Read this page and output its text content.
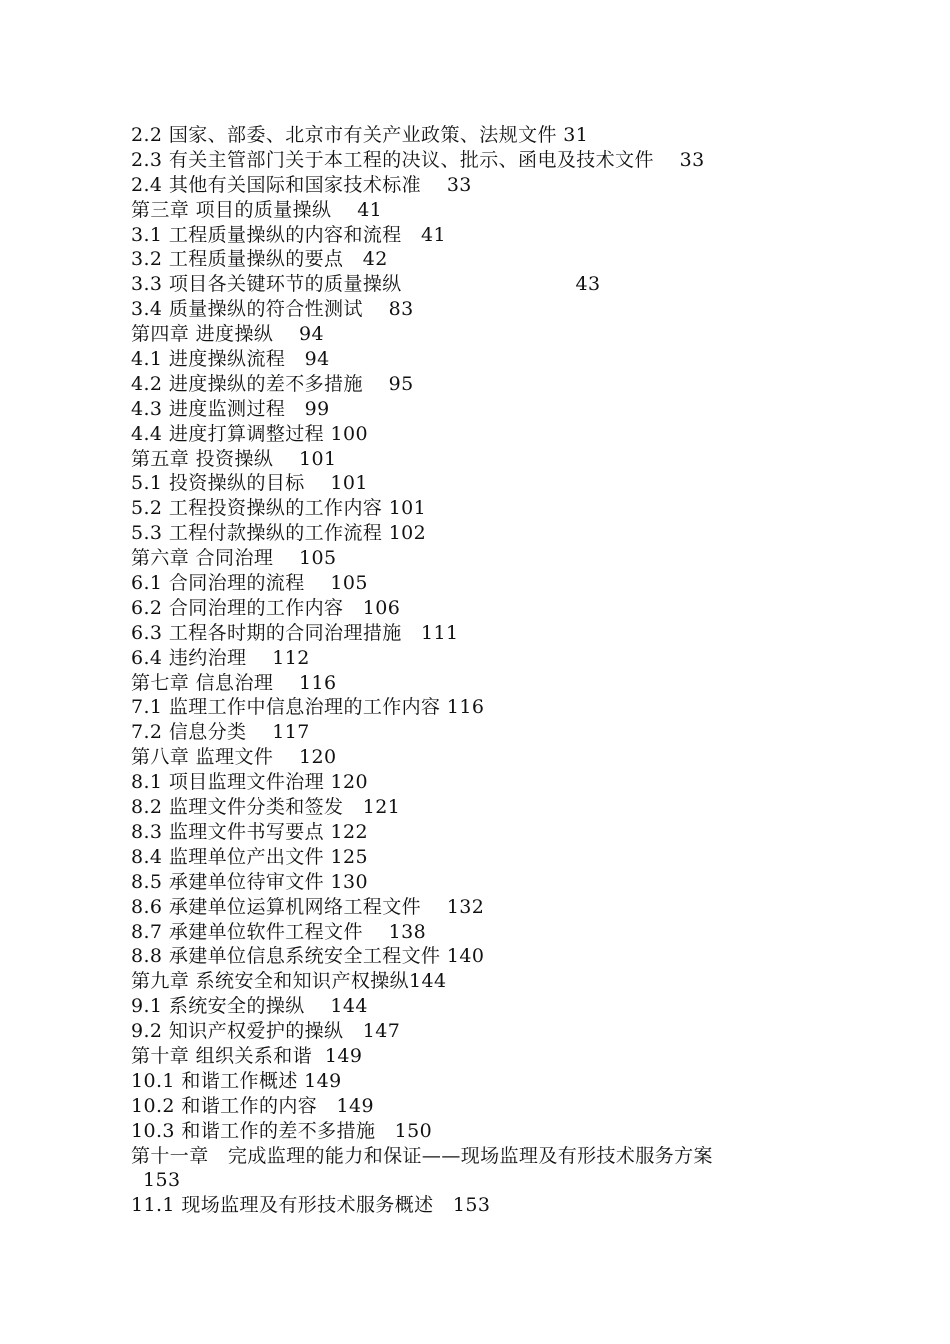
2.2 国家、部委、北京市有关产业政策、法规文件 31
2.3 有关主管部门关于本工程的决议、批示、函电及技术文件    33
2.4 其他有关国际和国家技术标准    33
第三章 项目的质量操纵    41
3.1 工程质量操纵的内容和流程   41
3.2 工程质量操纵的要点   42
3.3 项目各关键环节的质量操纵                           43
3.4 质量操纵的符合性测试    83
第四章 进度操纵    94
4.1 进度操纵流程   94
4.2 进度操纵的差不多措施    95
4.3 进度监测过程   99
4.4 进度打算调整过程 100
第五章 投资操纵    101
5.1 投资操纵的目标    101
5.2 工程投资操纵的工作内容 101
5.3 工程付款操纵的工作流程 102
第六章 合同治理    105
6.1 合同治理的流程    105
6.2 合同治理的工作内容   106
6.3 工程各时期的合同治理措施   111
6.4 违约治理    112
第七章 信息治理    116
7.1 监理工作中信息治理的工作内容 116
7.2 信息分类    117
第八章 监理文件    120
8.1 项目监理文件治理 120
8.2 监理文件分类和签发   121
8.3 监理文件书写要点 122
8.4 监理单位产出文件 125
8.5 承建单位待审文件 130
8.6 承建单位运算机网络工程文件    132
8.7 承建单位软件工程文件    138
8.8 承建单位信息系统安全工程文件 140
第九章 系统安全和知识产权操纵144
9.1 系统安全的操纵    144
9.2 知识产权爱护的操纵   147
第十章 组织关系和谐  149
10.1 和谐工作概述 149
10.2 和谐工作的内容   149
10.3 和谐工作的差不多措施   150
第十一章   完成监理的能力和保证——现场监理及有形技术服务方案
153
11.1 现场监理及有形技术服务概述   153
